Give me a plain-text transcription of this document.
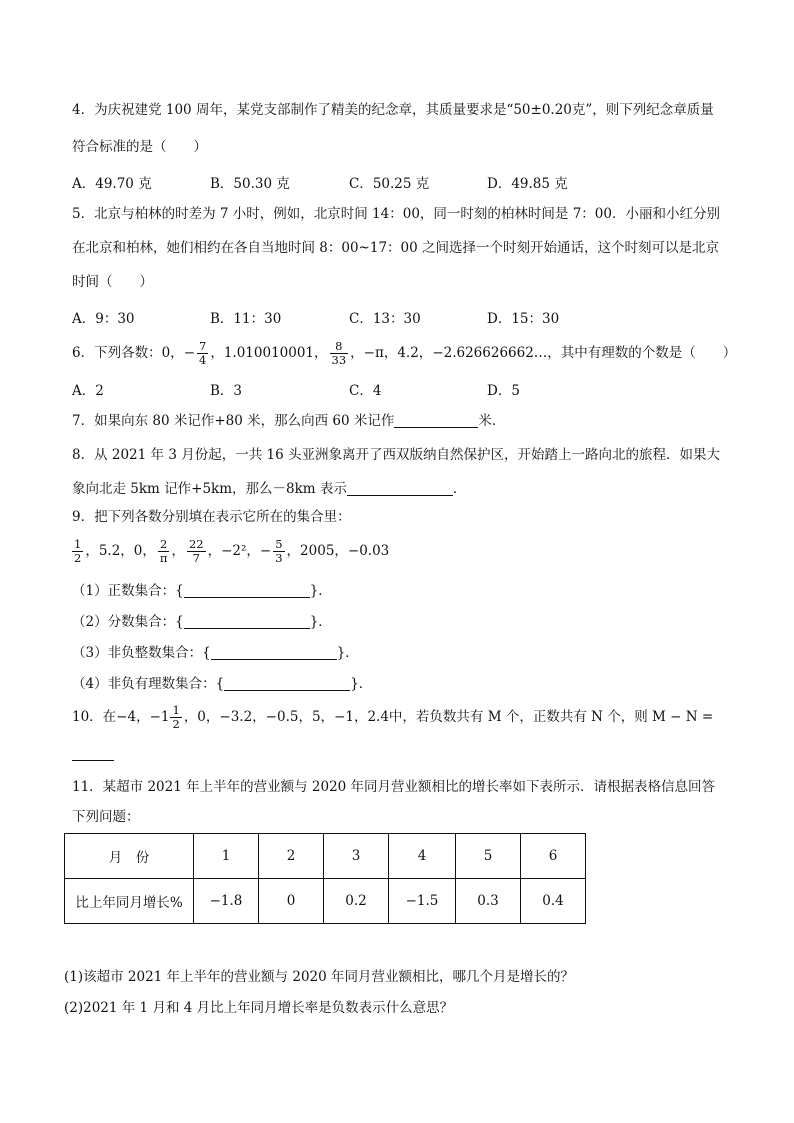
4．为庆祝建党 100 周年，某党支部制作了精美的纪念章，其质量要求是“50±0.20克”，则下列纪念章质量
符合标准的是（　　）
A．49.70 克	B．50.30 克	C．50.25 克	D．49.85 克
5．北京与柏林的时差为 7 小时，例如，北京时间 14：00，同一时刻的柏林时间是 7：00．小丽和小红分别
在北京和柏林，她们相约在各自当地时间 8：00~17：00 之间选择一个时刻开始通话，这个时刻可以是北京
时间（　　）
A．9：30	B．11：30	C．13：30	D．15：30
6．下列各数：0，− $\frac{7}{4}$ ，1.010010001， $\frac{8}{33}$ ，−π，4.2，−2.626626662…，其中有理数的个数是（　　）
A．2	B．3	C．4	D．5
7．如果向东 80 米记作+80 米，那么向西 60 米记作	米．
8．从 2021 年 3 月份起，一共 16 头亚洲象离开了西双版纳自然保护区，开始踏上一路向北的旅程．如果大
象向北走 5km 记作+5km，那么－8km 表示	．
9．把下列各数分别填在表示它所在的集合里：
$\frac{1}{2}$ ，5.2，0， $\frac{2}{\pi}$ ， $\frac{22}{7}$ ，−2²，− $\frac{5}{3}$ ，2005，−0.03
（1）正数集合：{	}．
（2）分数集合：{	}．
（3）非负整数集合：{	}．
（4）非负有理数集合：{	}．
10．在−4，$-1 \frac{1}{2}$ ，0，−3.2，−0.5，5，−1，2.4中，若负数共有 M 个，正数共有 N 个，则 M − N =
11．某超市 2021 年上半年的营业额与 2020 年同月营业额相比的增长率如下表所示．请根据表格信息回答
下列问题：
月　份	1	2	3	4	5	6
比上年同月增长%	−1.8	0	0.2	−1.5	0.3	0.4
(1)该超市 2021 年上半年的营业额与 2020 年同月营业额相比，哪几个月是增长的？
(2)2021 年 1 月和 4 月比上年同月增长率是负数表示什么意思？
